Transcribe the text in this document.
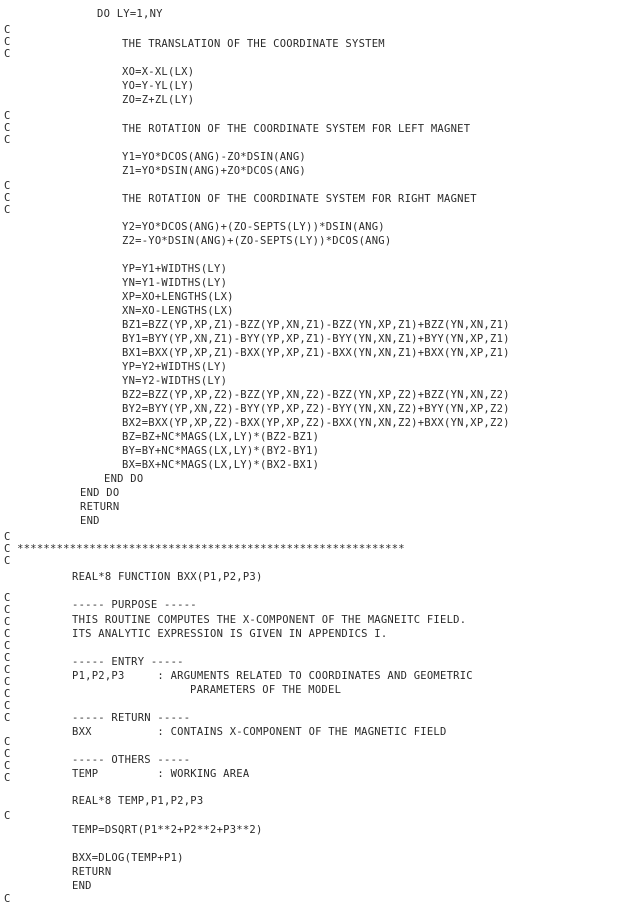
DO LY=1,NY
C
C	THE TRANSLATION OF THE COORDINATE SYSTEM
C
XO=X-XL(LX)
YO=Y-YL(LY)
ZO=Z+ZL(LY)
C
C	THE ROTATION OF THE COORDINATE SYSTEM FOR LEFT MAGNET
C
Y1=YO*DCOS(ANG)-ZO*DSIN(ANG)
Z1=YO*DSIN(ANG)+ZO*DCOS(ANG)
C
C	THE ROTATION OF THE COORDINATE SYSTEM FOR RIGHT MAGNET
C
Y2=YO*DCOS(ANG)+(ZO-SEPTS(LY))*DSIN(ANG)
Z2=-YO*DSIN(ANG)+(ZO-SEPTS(LY))*DCOS(ANG)
YP=Y1+WIDTHS(LY)
YN=Y1-WIDTHS(LY)
XP=XO+LENGTHS(LX)
XN=XO-LENGTHS(LX)
BZ1=BZZ(YP,XP,Z1)-BZZ(YP,XN,Z1)-BZZ(YN,XP,Z1)+BZZ(YN,XN,Z1)
BY1=BYY(YP,XN,Z1)-BYY(YP,XP,Z1)-BYY(YN,XN,Z1)+BYY(YN,XP,Z1)
BX1=BXX(YP,XP,Z1)-BXX(YP,XP,Z1)-BXX(YN,XN,Z1)+BXX(YN,XP,Z1)
YP=Y2+WIDTHS(LY)
YN=Y2-WIDTHS(LY)
BZ2=BZZ(YP,XP,Z2)-BZZ(YP,XN,Z2)-BZZ(YN,XP,Z2)+BZZ(YN,XN,Z2)
BY2=BYY(YP,XN,Z2)-BYY(YP,XP,Z2)-BYY(YN,XN,Z2)+BYY(YN,XP,Z2)
BX2=BXX(YP,XP,Z2)-BXX(YP,XP,Z2)-BXX(YN,XN,Z2)+BXX(YN,XP,Z2)
BZ=BZ+NC*MAGS(LX,LY)*(BZ2-BZ1)
BY=BY+NC*MAGS(LX,LY)*(BY2-BY1)
BX=BX+NC*MAGS(LX,LY)*(BX2-BX1)
END DO
END DO
RETURN
END
C
C ***********************************************************
C
REAL*8 FUNCTION BXX(P1,P2,P3)
C
C	----- PURPOSE -----
C	THIS ROUTINE COMPUTES THE X-COMPONENT OF THE MAGNEITC FIELD.
C	ITS ANALYTIC EXPRESSION IS GIVEN IN APPENDICS I.
C
C	----- ENTRY -----
C	P1,P2,P3     : ARGUMENTS RELATED TO COORDINATES AND GEOMETRIC
C
PARAMETERS OF THE MODEL
C
C
----- RETURN -----
C
BXX          : CONTAINS X-COMPONENT OF THE MAGNETIC FIELD
C
C	----- OTHERS -----
C
TEMP         : WORKING AREA
C
REAL*8 TEMP,P1,P2,P3
C
TEMP=DSQRT(P1**2+P2**2+P3**2)
BXX=DLOG(TEMP+P1)
RETURN
END
C
